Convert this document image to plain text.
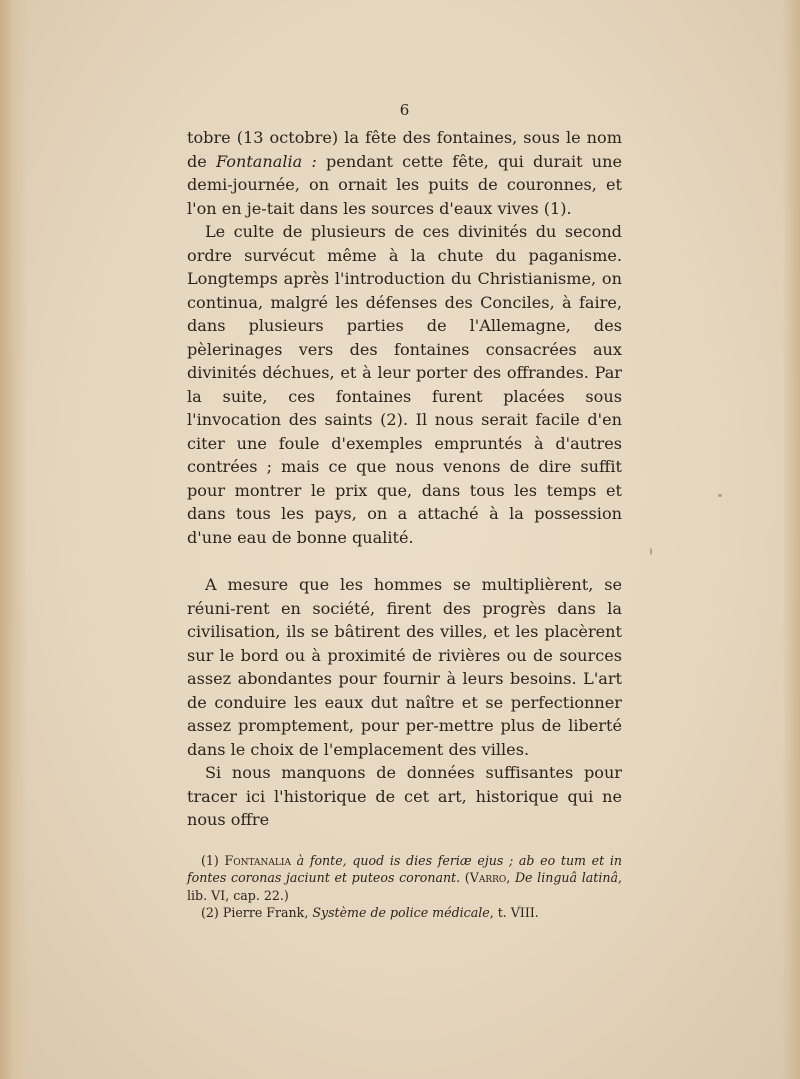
6

tobre (13 octobre) la fête des fontaines, sous le nom de Fontanalia : pendant cette fête, qui durait une demi-journée, on ornait les puits de couronnes, et l'on en je-tait dans les sources d'eaux vives (1).

Le culte de plusieurs de ces divinités du second ordre survécut même à la chute du paganisme. Longtemps après l'introduction du Christianisme, on continua, malgré les défenses des Conciles, à faire, dans plusieurs parties de l'Allemagne, des pèlerinages vers des fontaines consacrées aux divinités déchues, et à leur porter des offrandes. Par la suite, ces fontaines furent placées sous l'invocation des saints (2). Il nous serait facile d'en citer une foule d'exemples empruntés à d'autres contrées ; mais ce que nous venons de dire suffit pour montrer le prix que, dans tous les temps et dans tous les pays, on a attaché à la possession d'une eau de bonne qualité.

A mesure que les hommes se multiplièrent, se réuni-rent en société, firent des progrès dans la civilisation, ils se bâtirent des villes, et les placèrent sur le bord ou à proximité de rivières ou de sources assez abondantes pour fournir à leurs besoins. L'art de conduire les eaux dut naître et se perfectionner assez promptement, pour per-mettre plus de liberté dans le choix de l'emplacement des villes.

Si nous manquons de données suffisantes pour tracer ici l'historique de cet art, historique qui ne nous offre

(1) Fontanalia à fonte, quod is dies feriæ ejus ; ab eo tum et in fontes coronas jaciunt et puteos coronant. (Varro, De linguâ latinâ, lib. VI, cap. 22.)

(2) Pierre Frank, Système de police médicale, t. VIII.
